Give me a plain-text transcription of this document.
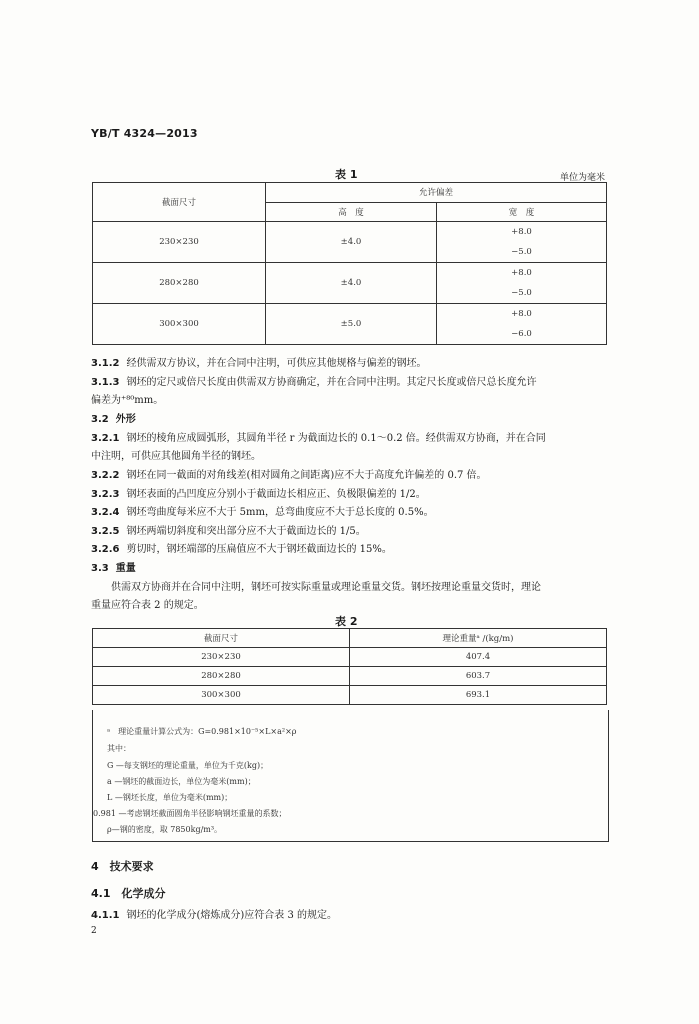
YB/T 4324—2013
表 1	单位为毫米
截面尺寸	允许偏差	
	高　度	宽　度
230×230	±4.0	+8.0
		−5.0
280×280	±4.0	+8.0
		−5.0
300×300	±5.0	+8.0
		−6.0
3.1.2 经供需双方协议，并在合同中注明，可供应其他规格与偏差的钢坯。
3.1.3 钢坯的定尺或倍尺长度由供需双方协商确定，并在合同中注明。其定尺长度或倍尺总长度允许
偏差为⁺⁸⁰mm。
3.2 外形
3.2.1 钢坯的棱角应成圆弧形，其圆角半径 r 为截面边长的 0.1～0.2 倍。经供需双方协商，并在合同
中注明，可供应其他圆角半径的钢坯。
3.2.2 钢坯在同一截面的对角线差(相对圆角之间距离)应不大于高度允许偏差的 0.7 倍。
3.2.3 钢坯表面的凸凹度应分别小于截面边长相应正、负极限偏差的 1/2。
3.2.4 钢坯弯曲度每米应不大于 5mm，总弯曲度应不大于总长度的 0.5%。
3.2.5 钢坯两端切斜度和突出部分应不大于截面边长的 1/5。
3.2.6 剪切时，钢坯端部的压扁值应不大于钢坯截面边长的 15%。
3.3 重量
　　供需双方协商并在合同中注明，钢坯可按实际重量或理论重量交货。钢坯按理论重量交货时，理论
重量应符合表 2 的规定。
表 2
截面尺寸	理论重量ᵃ /(kg/m)
230×230	407.4
280×280	603.7
300×300	693.1
ᵃ　理论重量计算公式为：G=0.981×10⁻⁵×L×a²×ρ
其中：
G —每支钢坯的理论重量，单位为千克(kg)；
a —钢坯的截面边长，单位为毫米(mm)；
L —钢坯长度，单位为毫米(mm)；
0.981 —考虑钢坯截面圆角半径影响钢坯重量的系数；
ρ—钢的密度，取 7850kg/m³。
4　 技术要求
4.1　 化学成分
4.1.1 钢坯的化学成分(熔炼成分)应符合表 3 的规定。
2
